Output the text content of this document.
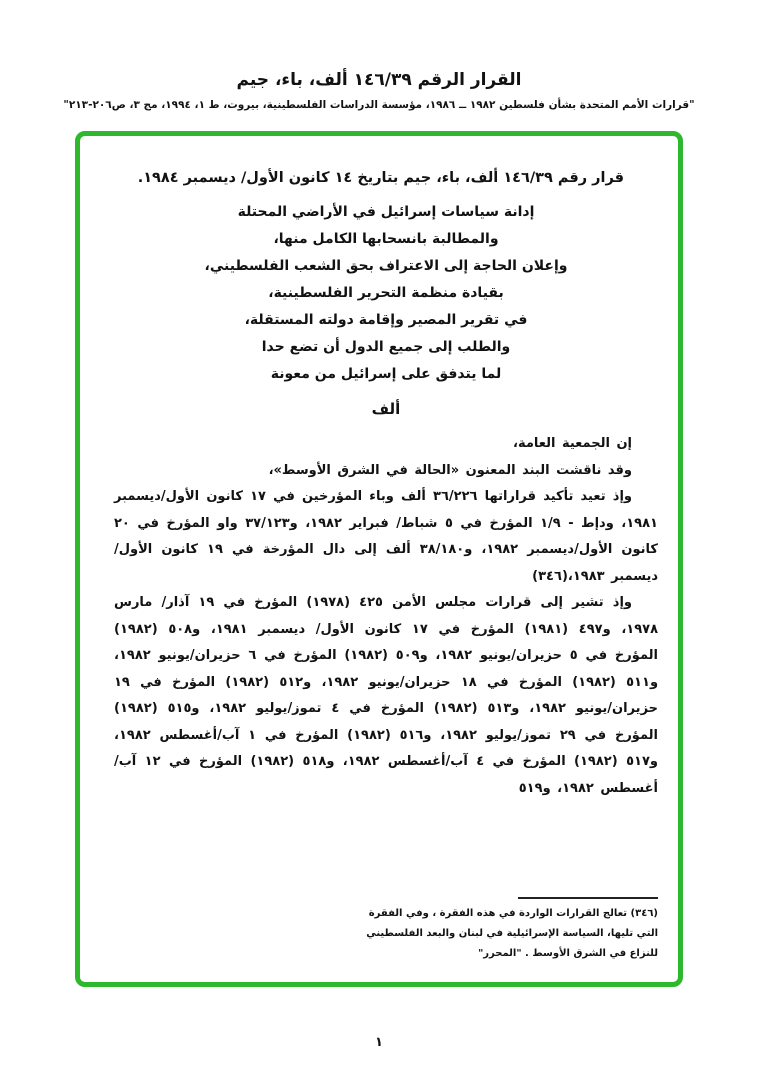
القرار الرقم ١٤٦/٣٩ ألف، باء، جيم
"قرارات الأمم المتحدة بشأن فلسطين ١٩٨٢ ــ ١٩٨٦، مؤسسة الدراسات الفلسطينية، بيروت، ط ١، ١٩٩٤، مج ٣، ص٢٠٦-٢١٣"

قرار رقم ١٤٦/٣٩ ألف، باء، جيم بتاريخ ١٤ كانون الأول/ ديسمبر ١٩٨٤.

إدانة سياسات إسرائيل في الأراضي المحتلة
والمطالبة بانسحابها الكامل منها،
وإعلان الحاجة إلى الاعتراف بحق الشعب الفلسطيني،
بقيادة منظمة التحرير الفلسطينية،
في تقرير المصير وإقامة دولته المستقلة،
والطلب إلى جميع الدول أن تضع حدا
لما يتدفق على إسرائيل من معونة
ألف

إن الجمعية العامة،

وقد ناقشت البند المعنون «الحالة في الشرق الأوسط»،

وإذ تعيد تأكيد قراراتها ٣٦/٢٢٦ ألف وباء المؤرخين في ١٧ كانون الأول/ديسمبر ١٩٨١، ودإط - ١/٩ المؤرخ في ٥ شباط/ فبراير ١٩٨٢، و٣٧/١٢٣ واو المؤرخ في ٢٠ كانون الأول/ديسمبر ١٩٨٢، و٣٨/١٨٠ ألف إلى دال المؤرخة في ١٩ كانون الأول/ ديسمبر ١٩٨٣،(٣٤٦)

وإذ تشير إلى قرارات مجلس الأمن ٤٢٥ (١٩٧٨) المؤرخ في ١٩ آذار/ مارس ١٩٧٨، و٤٩٧ (١٩٨١) المؤرخ في ١٧ كانون الأول/ ديسمبر ١٩٨١، و٥٠٨ (١٩٨٢) المؤرخ في ٥ حزيران/يونيو ١٩٨٢، و٥٠٩ (١٩٨٢) المؤرخ في ٦ حزيران/يونيو ١٩٨٢، و٥١١ (١٩٨٢) المؤرخ في ١٨ حزيران/يونيو ١٩٨٢، و٥١٢ (١٩٨٢) المؤرخ في ١٩ حزيران/يونيو ١٩٨٢، و٥١٣ (١٩٨٢) المؤرخ في ٤ تموز/يوليو ١٩٨٢، و٥١٥ (١٩٨٢) المؤرخ في ٢٩ تموز/يوليو ١٩٨٢، و٥١٦ (١٩٨٢) المؤرخ في ١ آب/أغسطس ١٩٨٢، و٥١٧ (١٩٨٢) المؤرخ في ٤ آب/أغسطس ١٩٨٢، و٥١٨ (١٩٨٢) المؤرخ في ١٢ آب/أغسطس ١٩٨٢، و٥١٩

(٣٤٦) تعالج القرارات الواردة في هذه الفقرة ، وفي الفقرة التي تليها، السياسة الإسرائيلية في لبنان والبعد الفلسطيني للنزاع في الشرق الأوسط . "المحرر"
١
